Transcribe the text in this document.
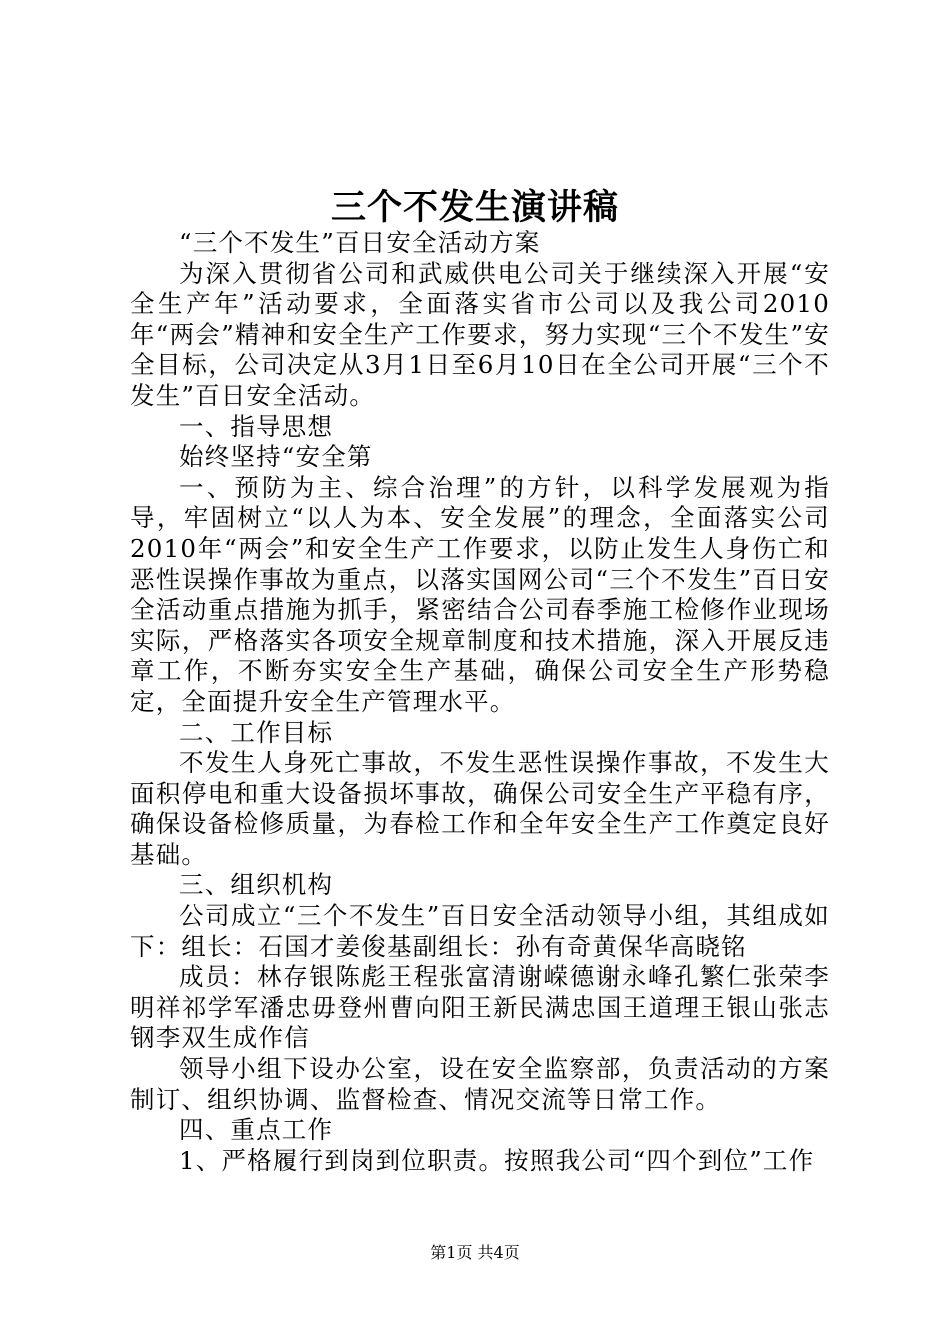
三个不发生演讲稿

“三个不发生”百日安全活动方案

为深入贯彻省公司和武威供电公司关于继续深入开展“安全生产年”活动要求，全面落实省市公司以及我公司2010年“两会”精神和安全生产工作要求，努力实现“三个不发生”安全目标，公司决定从3月1日至6月10日在全公司开展“三个不发生”百日安全活动。

一、指导思想

始终坚持“安全第

一、预防为主、综合治理”的方针，以科学发展观为指导，牢固树立“以人为本、安全发展”的理念，全面落实公司2010年“两会”和安全生产工作要求，以防止发生人身伤亡和恶性误操作事故为重点，以落实国网公司“三个不发生”百日安全活动重点措施为抓手，紧密结合公司春季施工检修作业现场实际，严格落实各项安全规章制度和技术措施，深入开展反违章工作，不断夯实安全生产基础，确保公司安全生产形势稳定，全面提升安全生产管理水平。

二、工作目标

不发生人身死亡事故，不发生恶性误操作事故，不发生大面积停电和重大设备损坏事故，确保公司安全生产平稳有序，确保设备检修质量，为春检工作和全年安全生产工作奠定良好基础。

三、组织机构

公司成立“三个不发生”百日安全活动领导小组，其组成如下：组长：石国才姜俊基副组长：孙有奇黄保华高晓铭

成员：林存银陈彪王程张富清谢嵘德谢永峰孔繁仁张荣李明祥祁学军潘忠毋登州曹向阳王新民满忠国王道理王银山张志钢李双生成作信

领导小组下设办公室，设在安全监察部，负责活动的方案制订、组织协调、监督检查、情况交流等日常工作。

四、重点工作

1、严格履行到岗到位职责。按照我公司“四个到位”工作

第1页 共4页
